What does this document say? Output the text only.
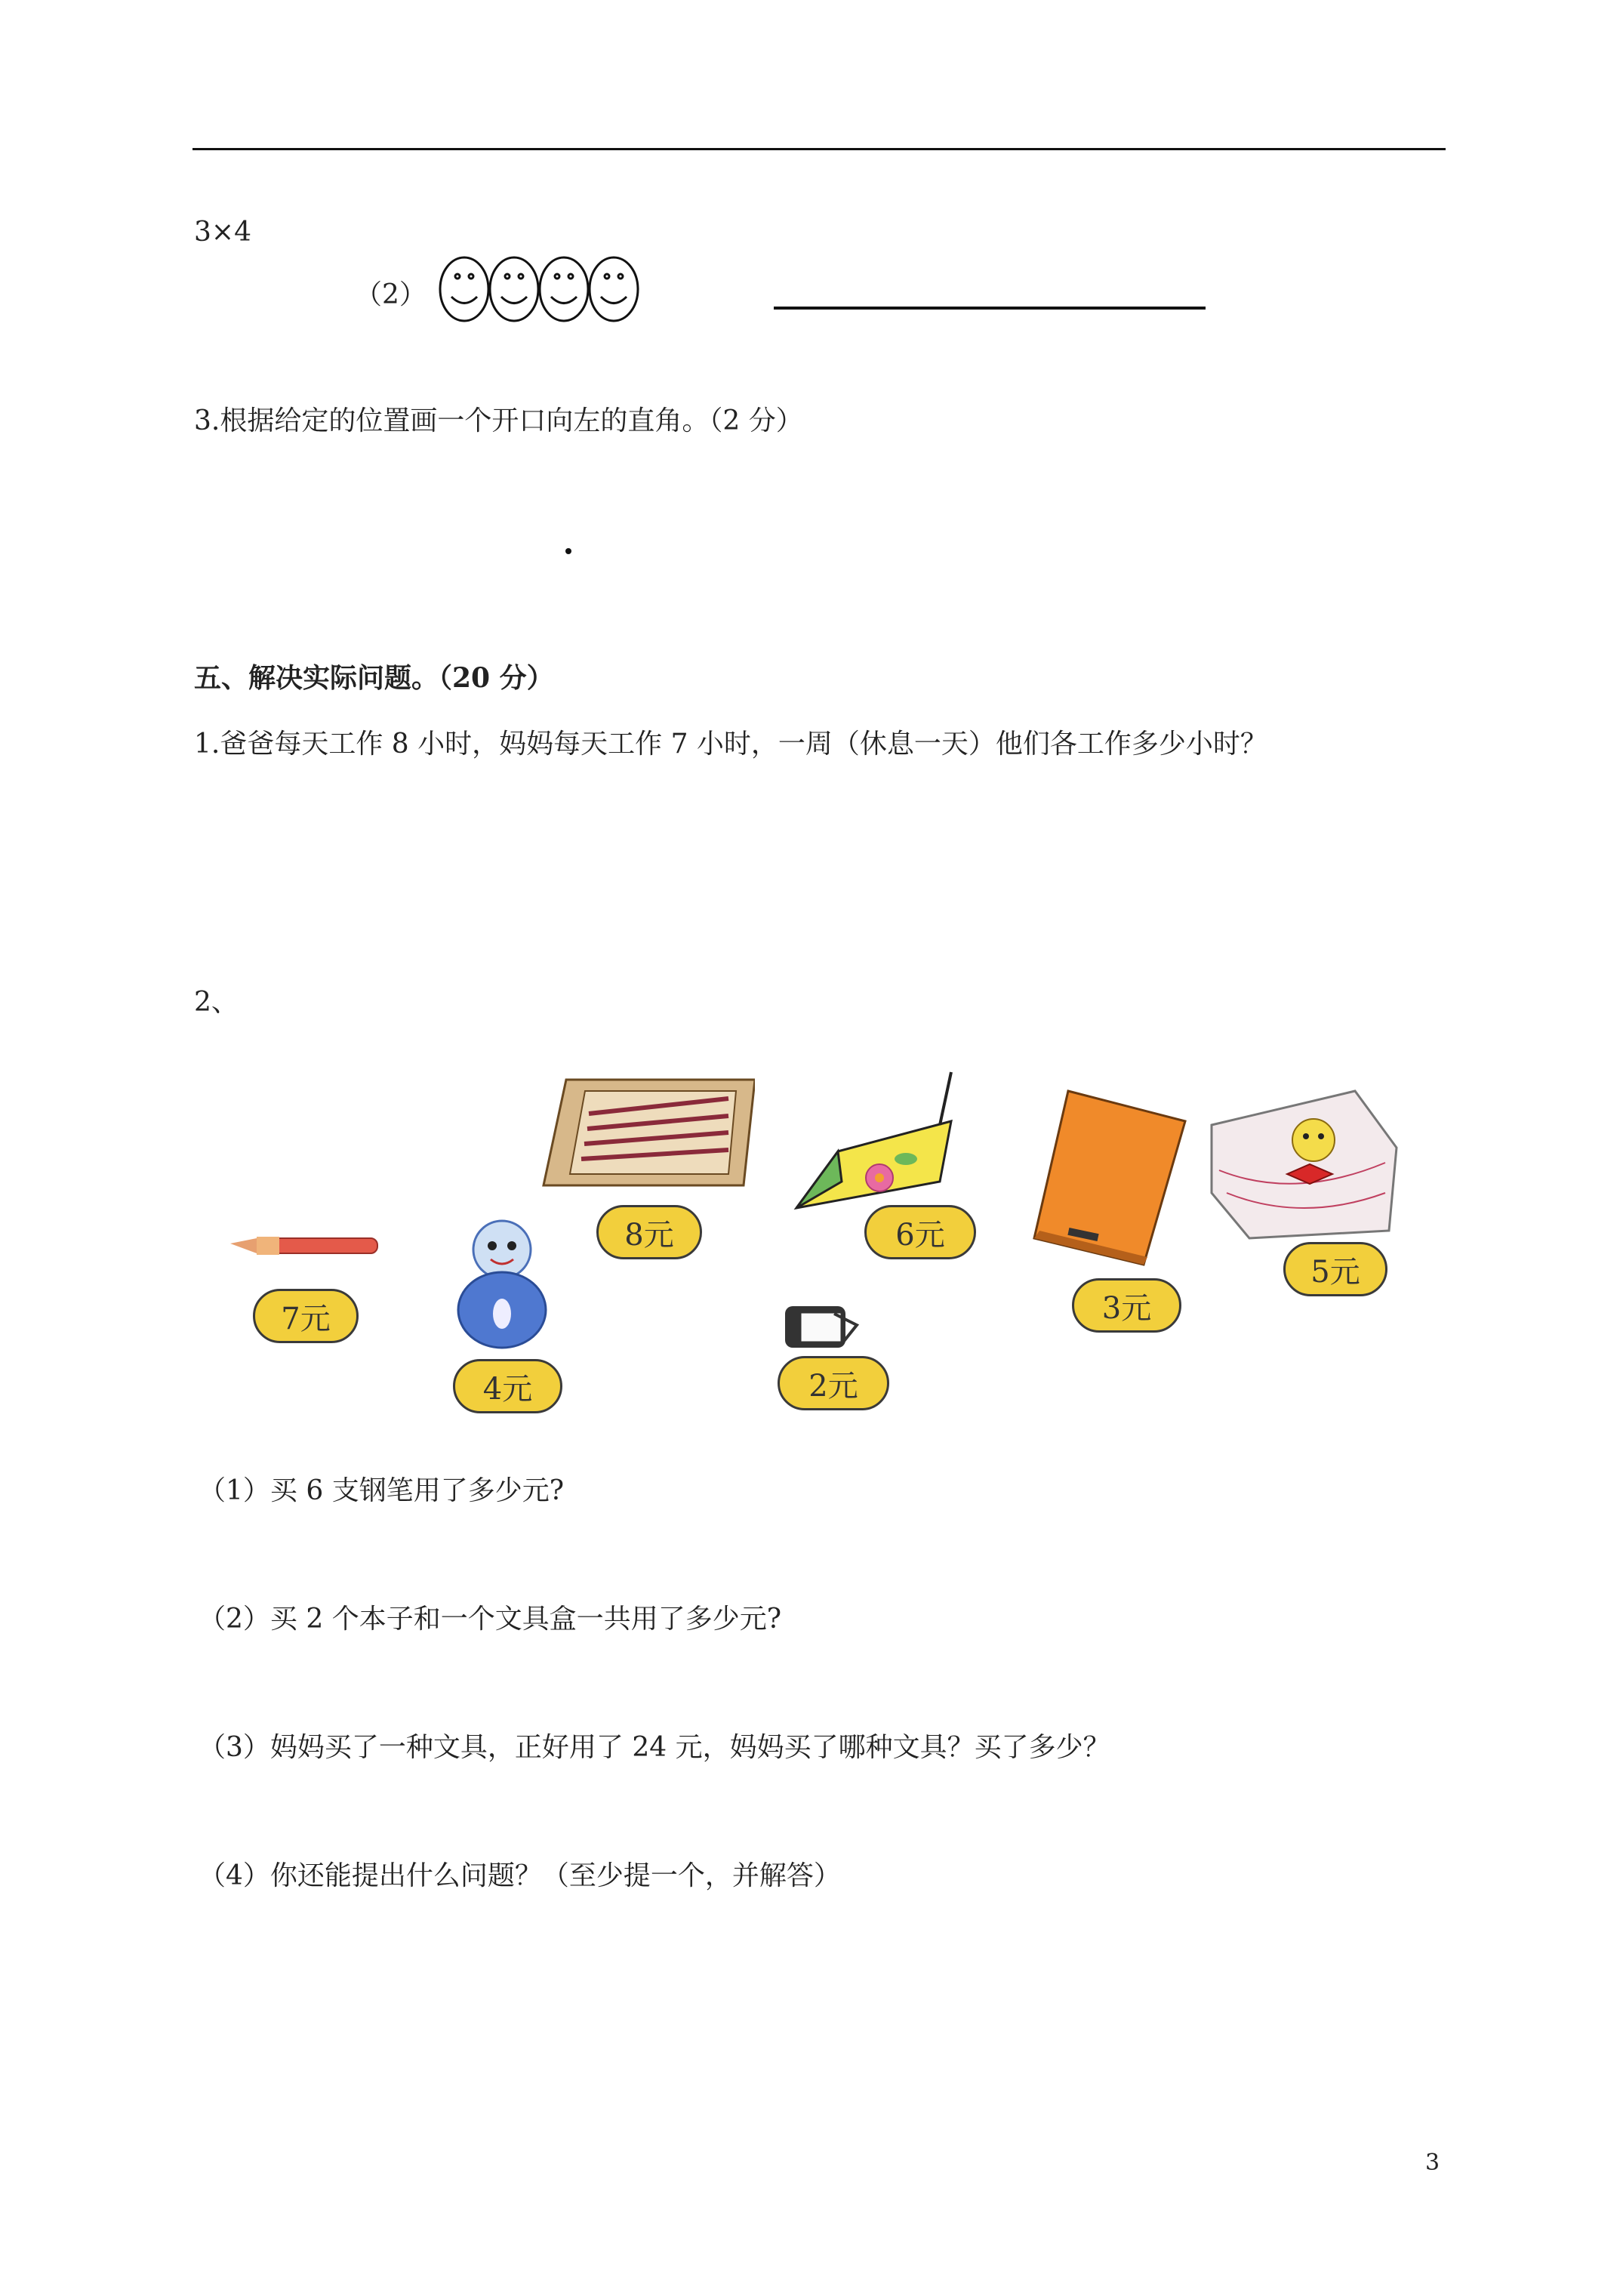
3×4
（2）
3.根据给定的位置画一个开口向左的直角。（2 分）
五、解决实际问题。（20 分）
1.爸爸每天工作 8 小时，妈妈每天工作 7 小时，一周（休息一天）他们各工作多少小时？
2、
7元
4元
8元
2元
6元
3元
5元
（1）买 6 支钢笔用了多少元?
（2）买 2 个本子和一个文具盒一共用了多少元?
（3）妈妈买了一种文具，正好用了 24 元，妈妈买了哪种文具？买了多少？
（4）你还能提出什么问题？（至少提一个，并解答）
3
